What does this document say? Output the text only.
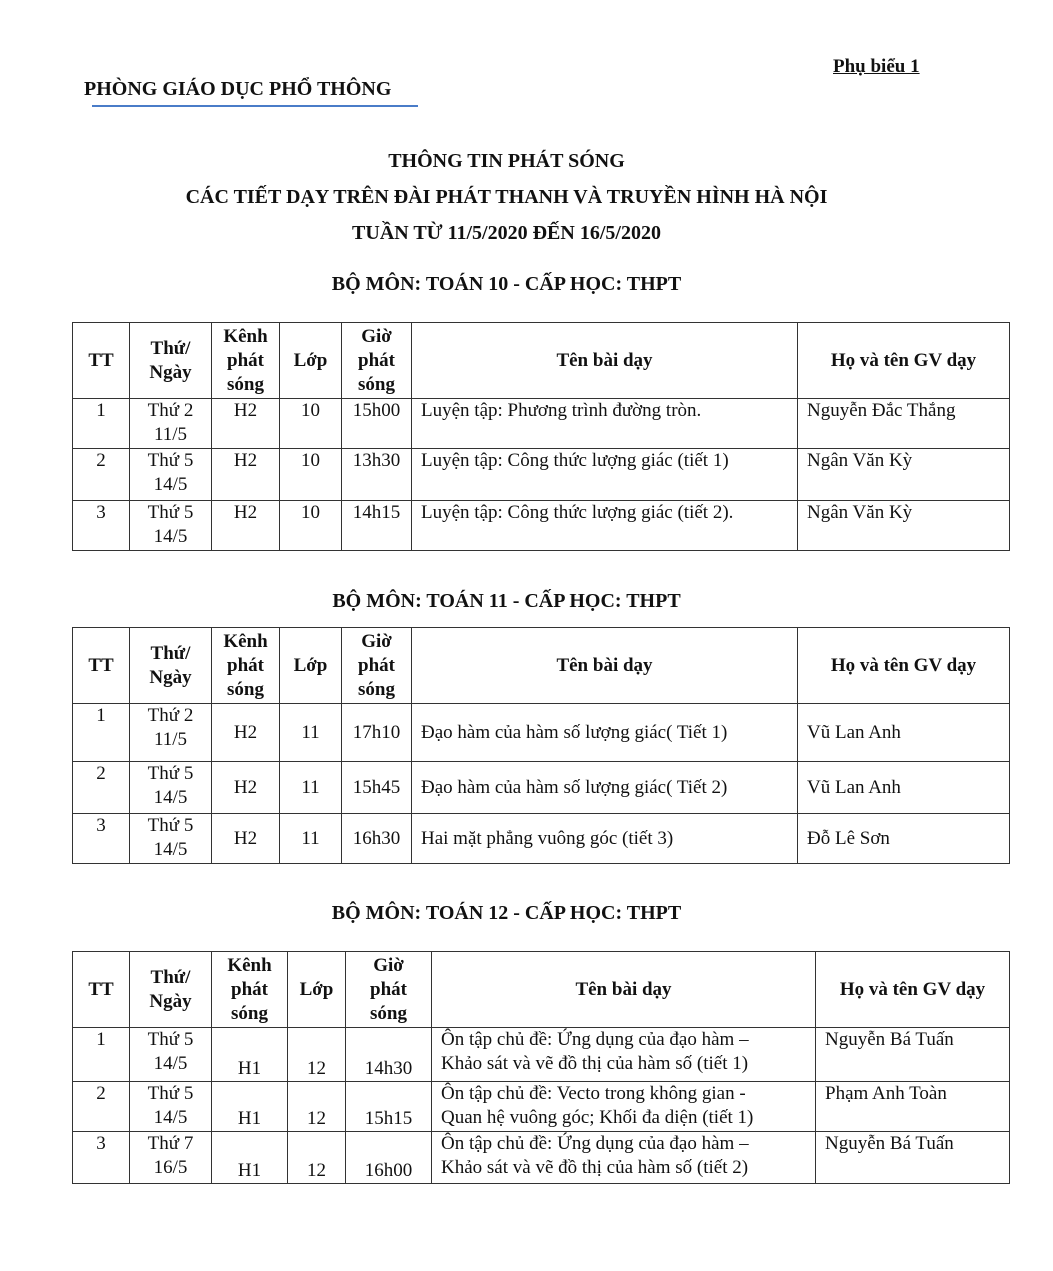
Phụ biểu 1
PHÒNG GIÁO DỤC PHỔ THÔNG
THÔNG TIN PHÁT SÓNG
CÁC TIẾT DẠY TRÊN ĐÀI PHÁT THANH VÀ TRUYỀN HÌNH HÀ NỘI
TUẦN TỪ 11/5/2020 ĐẾN 16/5/2020
BỘ MÔN: TOÁN 10 - CẤP HỌC: THPT
TT	Thứ/
Ngày	Kênh
phát
sóng	Lớp	Giờ
phát
sóng	Tên bài dạy	Họ và tên GV dạy
1	Thứ 2
11/5	H2	10	15h00	Luyện tập: Phương trình đường tròn.	Nguyễn Đắc Thắng
2	Thứ 5
14/5	H2	10	13h30	Luyện tập: Công thức lượng giác (tiết 1)	Ngân Văn Kỳ
3	Thứ 5
14/5	H2	10	14h15	Luyện tập: Công thức lượng giác (tiết 2).	Ngân Văn Kỳ
BỘ MÔN: TOÁN 11 - CẤP HỌC: THPT
TT	Thứ/
Ngày	Kênh
phát
sóng	Lớp	Giờ
phát
sóng	Tên bài dạy	Họ và tên GV dạy
1	Thứ 2
11/5	H2	11	17h10	Đạo hàm của hàm số lượng giác( Tiết 1)	Vũ Lan Anh
2	Thứ 5
14/5	H2	11	15h45	Đạo hàm của hàm số lượng giác( Tiết 2)	Vũ Lan Anh
3	Thứ 5
14/5	H2	11	16h30	Hai mặt phẳng vuông góc (tiết 3)	Đỗ Lê Sơn
BỘ MÔN: TOÁN 12 - CẤP HỌC: THPT
TT	Thứ/
Ngày	Kênh
phát
sóng	Lớp	Giờ
phát
sóng	Tên bài dạy	Họ và tên GV dạy
1	Thứ 5
14/5	H1	12	14h30	Ôn tập chủ đề: Ứng dụng của đạo hàm –
Khảo sát và vẽ đồ thị của hàm số (tiết 1)	Nguyễn Bá Tuấn
2	Thứ 5
14/5	H1	12	15h15	Ôn tập chủ đề: Vecto trong không gian -
Quan hệ vuông góc; Khối đa diện (tiết 1)	Phạm Anh Toàn
3	Thứ 7
16/5	H1	12	16h00	Ôn tập chủ đề: Ứng dụng của đạo hàm –
Khảo sát và vẽ đồ thị của hàm số (tiết 2)	Nguyễn Bá Tuấn
